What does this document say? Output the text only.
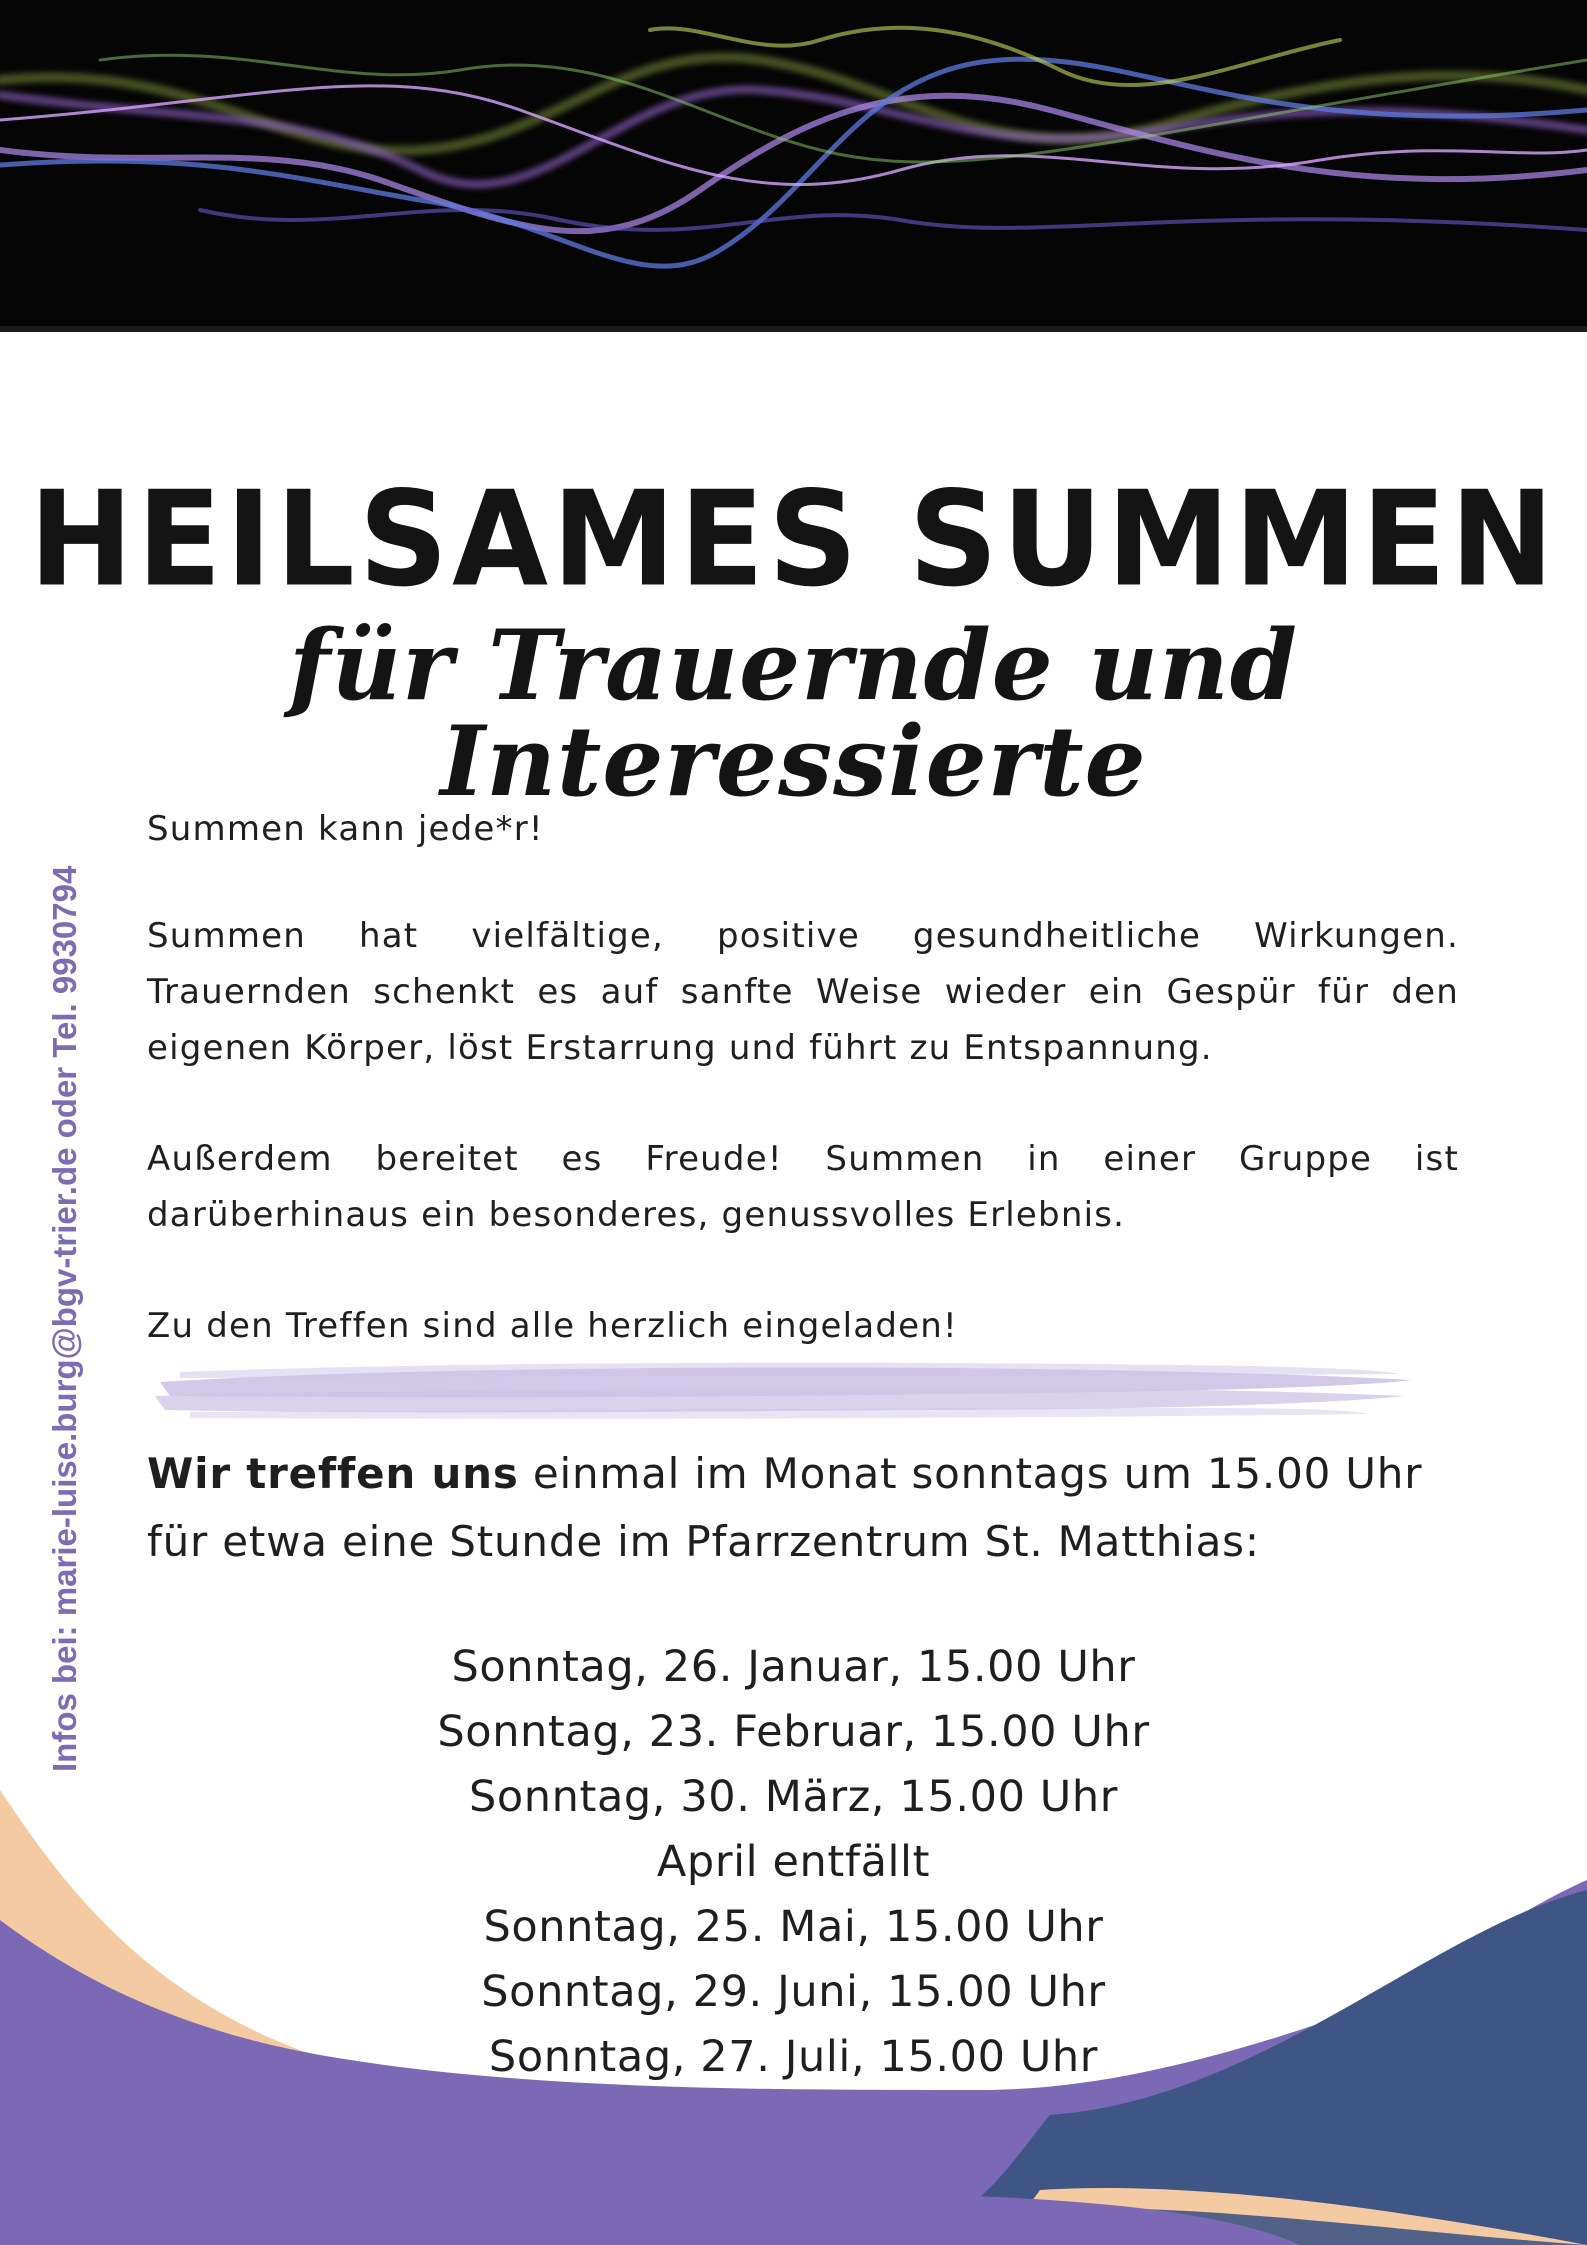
HEILSAMES SUMMEN
für Trauernde und Interessierte
Infos bei: marie-luise.burg@bgv-trier.de oder Tel. 9930794

Summen kann jede*r!

Summen hat vielfältige, positive gesundheitliche Wirkungen. Trauernden schenkt es auf sanfte Weise wieder ein Gespür für den eigenen Körper, löst Erstarrung und führt zu Entspannung.

Außerdem bereitet es Freude! Summen in einer Gruppe ist darüberhinaus ein besonderes, genussvolles Erlebnis.

Zu den Treffen sind alle herzlich eingeladen!

Wir treffen uns einmal im Monat sonntags um 15.00 Uhr für etwa eine Stunde im Pfarrzentrum St. Matthias:

Sonntag, 26. Januar, 15.00 Uhr
Sonntag, 23. Februar, 15.00 Uhr
Sonntag, 30. März, 15.00 Uhr
April entfällt
Sonntag, 25. Mai, 15.00 Uhr
Sonntag, 29. Juni, 15.00 Uhr
Sonntag, 27. Juli, 15.00 Uhr
